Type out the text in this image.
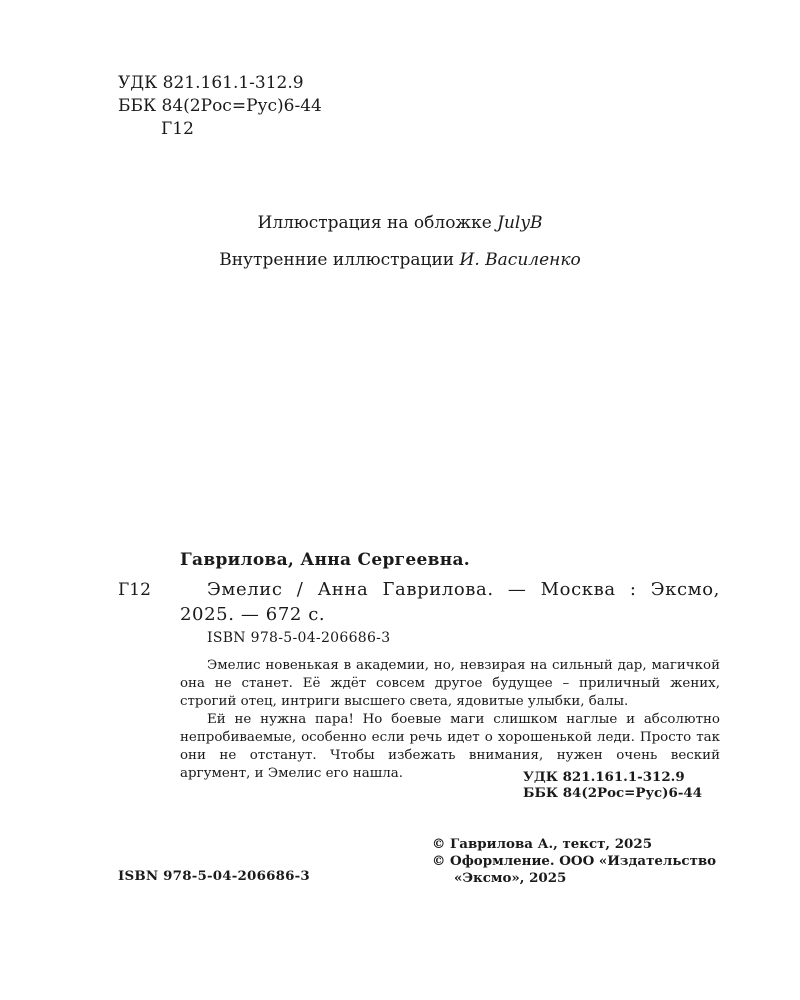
УДК 821.161.1-312.9
ББК 84(2Рос=Рус)6-44
Г12
Иллюстрация на обложке JulyB
Внутренние иллюстрации И. Василенко
Гаврилова, Анна Сергеевна.
Г12	Эмелис / Анна Гаврилова. — Москва : Эксмо, 2025. — 672 с.
ISBN 978-5-04-206686-3

Эмелис новенькая в академии, но, невзирая на сильный дар, магичкой она не станет. Её ждёт совсем другое будущее – приличный жених, строгий отец, интриги высшего света, ядовитые улыбки, балы.

Ей не нужна пара! Но боевые маги слишком наглые и абсолютно непробиваемые, особенно если речь идет о хорошенькой леди. Просто так они не отстанут. Чтобы избежать внимания, нужен очень веский аргумент, и Эмелис его нашла.	УДК 821.161.1-312.9
ББК 84(2Рос=Рус)6-44
© Гаврилова А., текст, 2025
© Оформление. ООО «Издательство
«Эксмо», 2025
ISBN 978-5-04-206686-3
